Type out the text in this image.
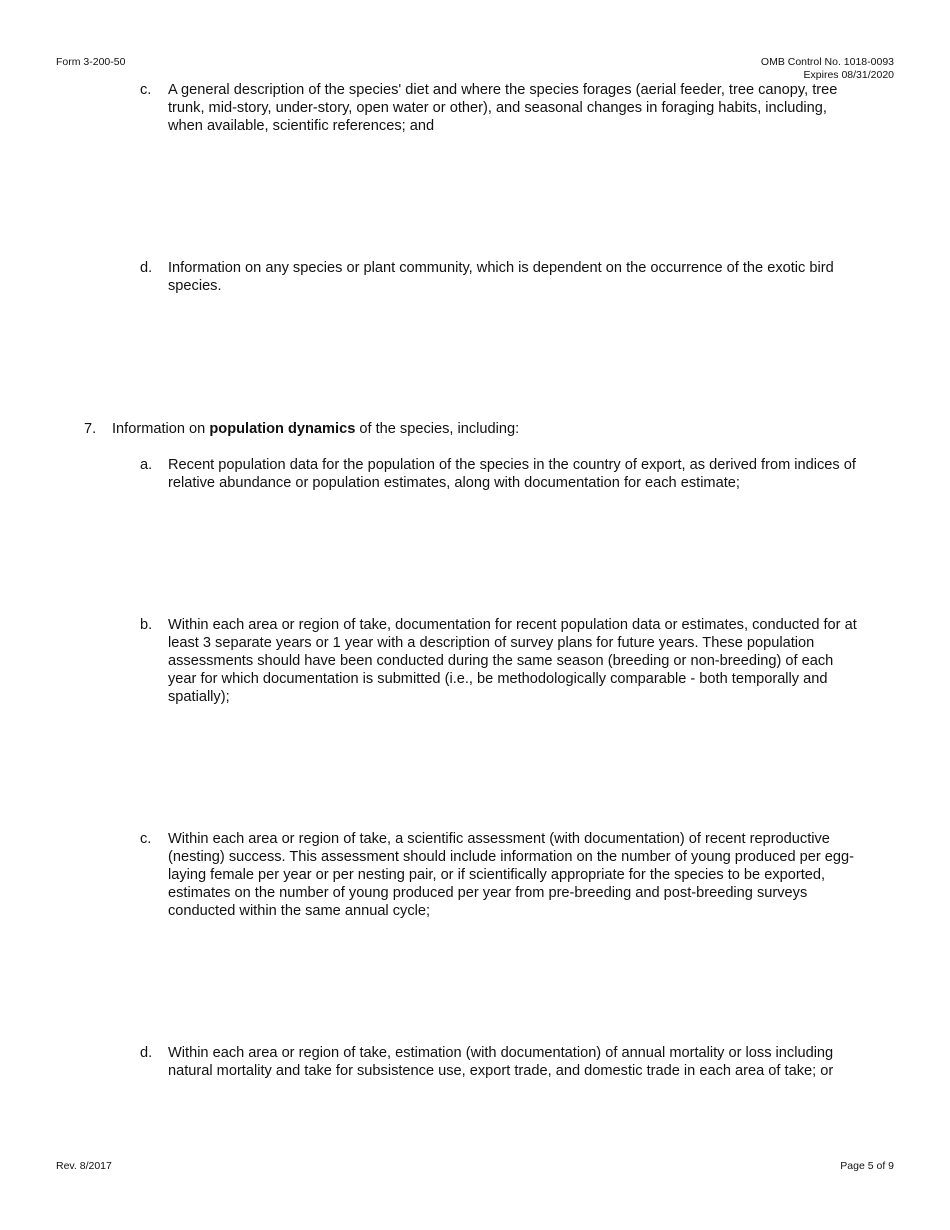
Form 3-200-50	OMB Control No. 1018-0093
Expires 08/31/2020
c. A general description of the species' diet and where the species forages (aerial feeder, tree canopy, tree trunk, mid-story, under-story, open water or other), and seasonal changes in foraging habits, including, when available, scientific references; and
d. Information on any species or plant community, which is dependent on the occurrence of the exotic bird species.
7. Information on population dynamics of the species, including:
a. Recent population data for the population of the species in the country of export, as derived from indices of relative abundance or population estimates, along with documentation for each estimate;
b. Within each area or region of take, documentation for recent population data or estimates, conducted for at least 3 separate years or 1 year with a description of survey plans for future years. These population assessments should have been conducted during the same season (breeding or non-breeding) of each year for which documentation is submitted (i.e., be methodologically comparable - both temporally and spatially);
c. Within each area or region of take, a scientific assessment (with documentation) of recent reproductive (nesting) success. This assessment should include information on the number of young produced per egg-laying female per year or per nesting pair, or if scientifically appropriate for the species to be exported, estimates on the number of young produced per year from pre-breeding and post-breeding surveys conducted within the same annual cycle;
d. Within each area or region of take, estimation (with documentation) of annual mortality or loss including natural mortality and take for subsistence use, export trade, and domestic trade in each area of take; or
Rev. 8/2017	Page 5 of 9
